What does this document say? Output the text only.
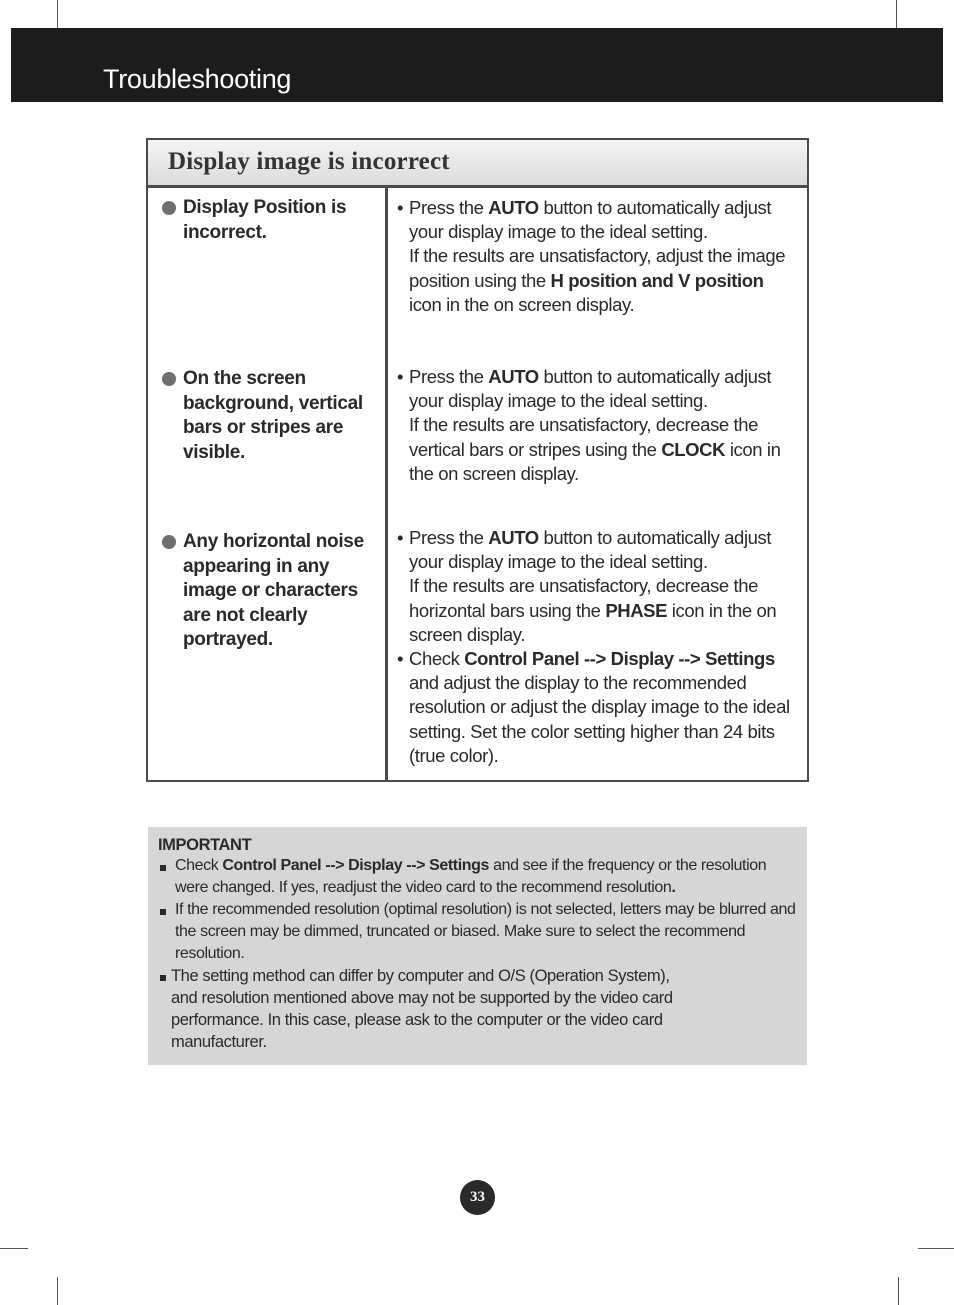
Troubleshooting
Display image is incorrect
Display Position is incorrect.
• Press the AUTO button to automatically adjust your display image to the ideal setting.
If the results are unsatisfactory, adjust the image position using the H position and V position icon in the on screen display.

On the screen background, vertical bars or stripes are visible.
• Press the AUTO button to automatically adjust your display image to the ideal setting.
If the results are unsatisfactory, decrease the vertical bars or stripes using the CLOCK icon in the on screen display.

Any horizontal noise appearing in any image or characters are not clearly portrayed.
• Press the AUTO button to automatically adjust your display image to the ideal setting.
If the results are unsatisfactory, decrease the horizontal bars using the PHASE icon in the on screen display.

• Check Control Panel --> Display --> Settings and adjust the display to the recommended resolution or adjust the display image to the ideal setting. Set the color setting higher than 24 bits (true color).

IMPORTANT
Check Control Panel --> Display --> Settings and see if the frequency or the resolution were changed. If yes, readjust the video card to the recommend resolution.
If the recommended resolution (optimal resolution) is not selected, letters may be blurred and the screen may be dimmed, truncated or biased. Make sure to select the recommend resolution.
The setting method can differ by computer and O/S (Operation System), and resolution mentioned above may not be supported by the video card performance. In this case, please ask to the computer or the video card manufacturer.
33
